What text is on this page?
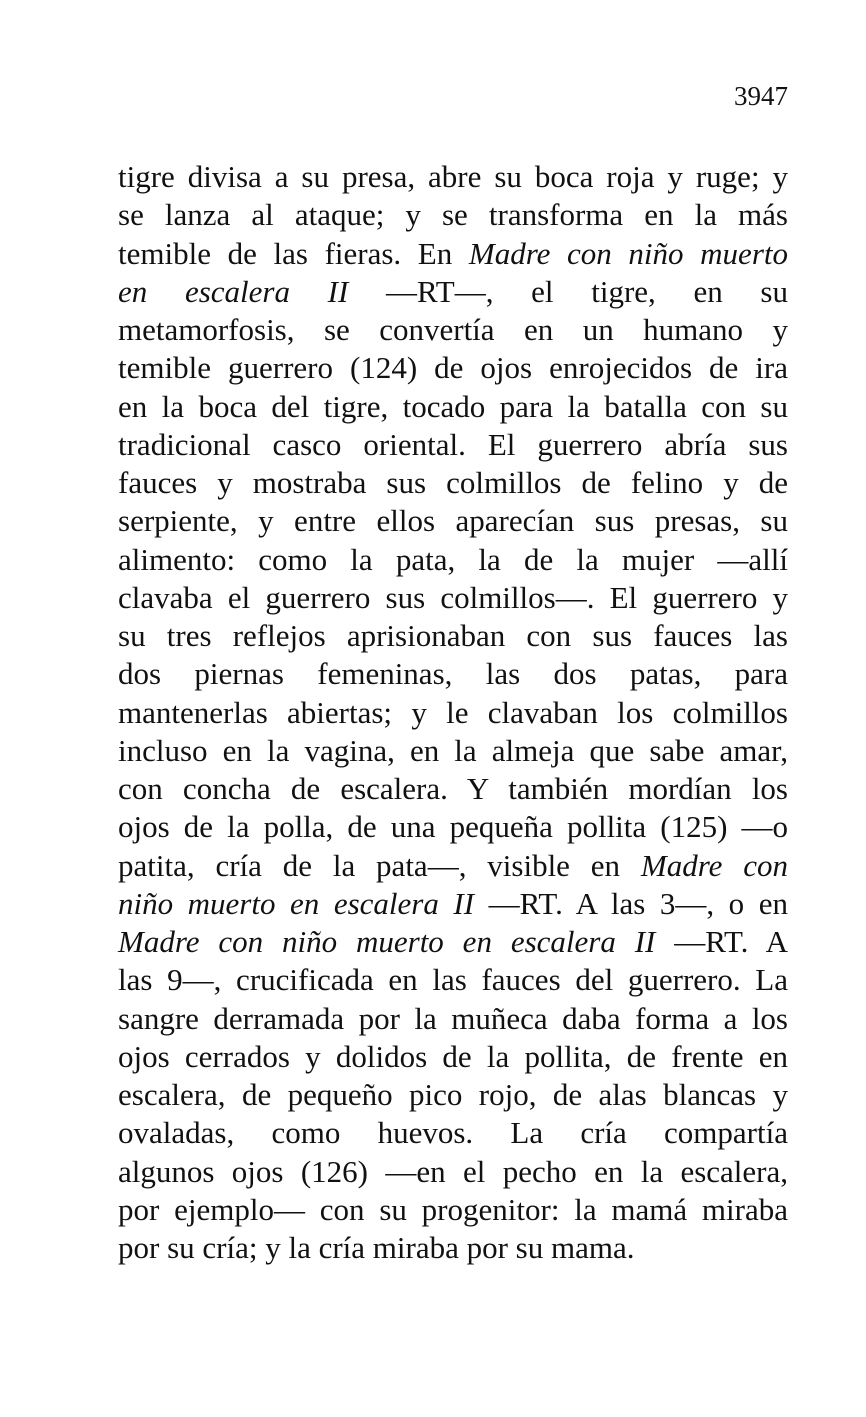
3947
tigre divisa a su presa, abre su boca roja y ruge; y
se lanza al ataque; y se transforma en la más
temible de las fieras. En Madre con niño muerto
en escalera II —RT—, el tigre, en su
metamorfosis, se convertía en un humano y
temible guerrero (124) de ojos enrojecidos de ira
en la boca del tigre, tocado para la batalla con su
tradicional casco oriental. El guerrero abría sus
fauces y mostraba sus colmillos de felino y de
serpiente, y entre ellos aparecían sus presas, su
alimento: como la pata, la de la mujer —allí
clavaba el guerrero sus colmillos—. El guerrero y
su tres reflejos aprisionaban con sus fauces las
dos piernas femeninas, las dos patas, para
mantenerlas abiertas; y le clavaban los colmillos
incluso en la vagina, en la almeja que sabe amar,
con concha de escalera. Y también mordían los
ojos de la polla, de una pequeña pollita (125) —o
patita, cría de la pata—, visible en Madre con
niño muerto en escalera II —RT. A las 3—, o en
Madre con niño muerto en escalera II —RT. A
las 9—, crucificada en las fauces del guerrero. La
sangre derramada por la muñeca daba forma a los
ojos cerrados y dolidos de la pollita, de frente en
escalera, de pequeño pico rojo, de alas blancas y
ovaladas, como huevos. La cría compartía
algunos ojos (126) —en el pecho en la escalera,
por ejemplo— con su progenitor: la mamá miraba
por su cría; y la cría miraba por su mama.
